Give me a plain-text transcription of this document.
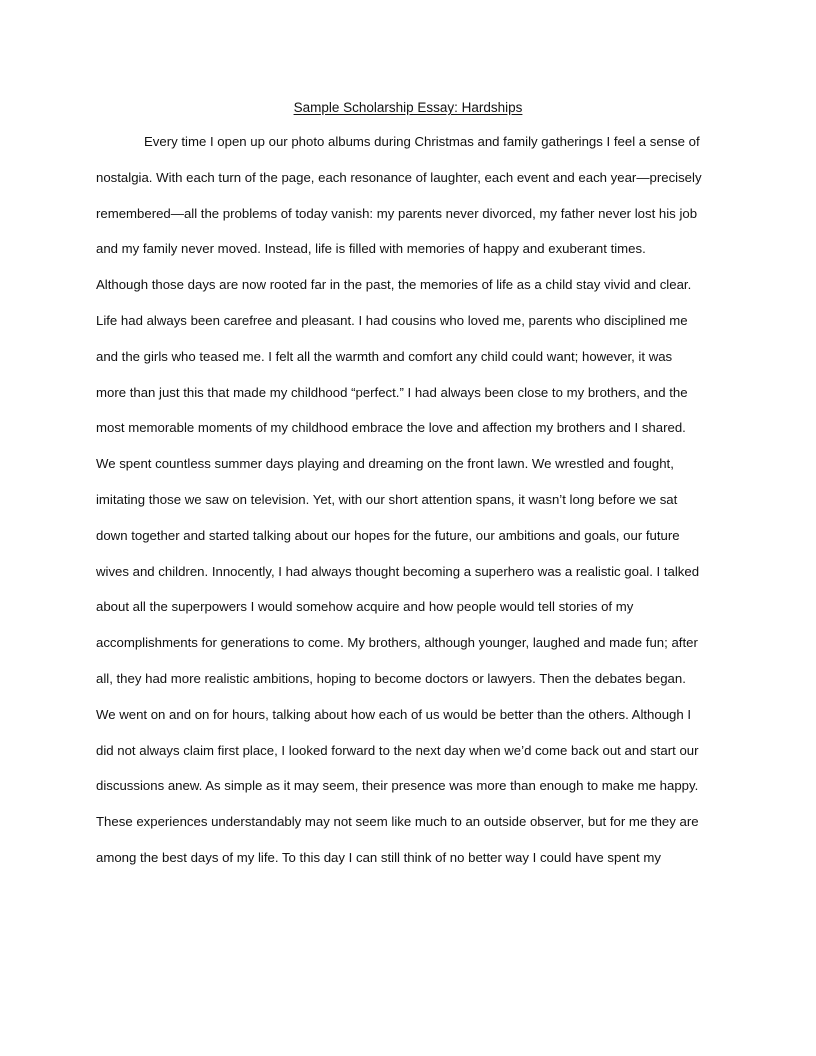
Sample Scholarship Essay: Hardships
Every time I open up our photo albums during Christmas and family gatherings I feel a sense of
nostalgia. With each turn of the page, each resonance of laughter, each event and each year—precisely
remembered—all the problems of today vanish: my parents never divorced, my father never lost his job
and my family never moved. Instead, life is filled with memories of happy and exuberant times.
Although those days are now rooted far in the past, the memories of life as a child stay vivid and clear.
Life had always been carefree and pleasant. I had cousins who loved me, parents who disciplined me
and the girls who teased me. I felt all the warmth and comfort any child could want; however, it was
more than just this that made my childhood “perfect.” I had always been close to my brothers, and the
most memorable moments of my childhood embrace the love and affection my brothers and I shared.
We spent countless summer days playing and dreaming on the front lawn. We wrestled and fought,
imitating those we saw on television. Yet, with our short attention spans, it wasn’t long before we sat
down together and started talking about our hopes for the future, our ambitions and goals, our future
wives and children. Innocently, I had always thought becoming a superhero was a realistic goal. I talked
about all the superpowers I would somehow acquire and how people would tell stories of my
accomplishments for generations to come. My brothers, although younger, laughed and made fun; after
all, they had more realistic ambitions, hoping to become doctors or lawyers. Then the debates began.
We went on and on for hours, talking about how each of us would be better than the others. Although I
did not always claim first place, I looked forward to the next day when we’d come back out and start our
discussions anew. As simple as it may seem, their presence was more than enough to make me happy.
These experiences understandably may not seem like much to an outside observer, but for me they are
among the best days of my life. To this day I can still think of no better way I could have spent my
